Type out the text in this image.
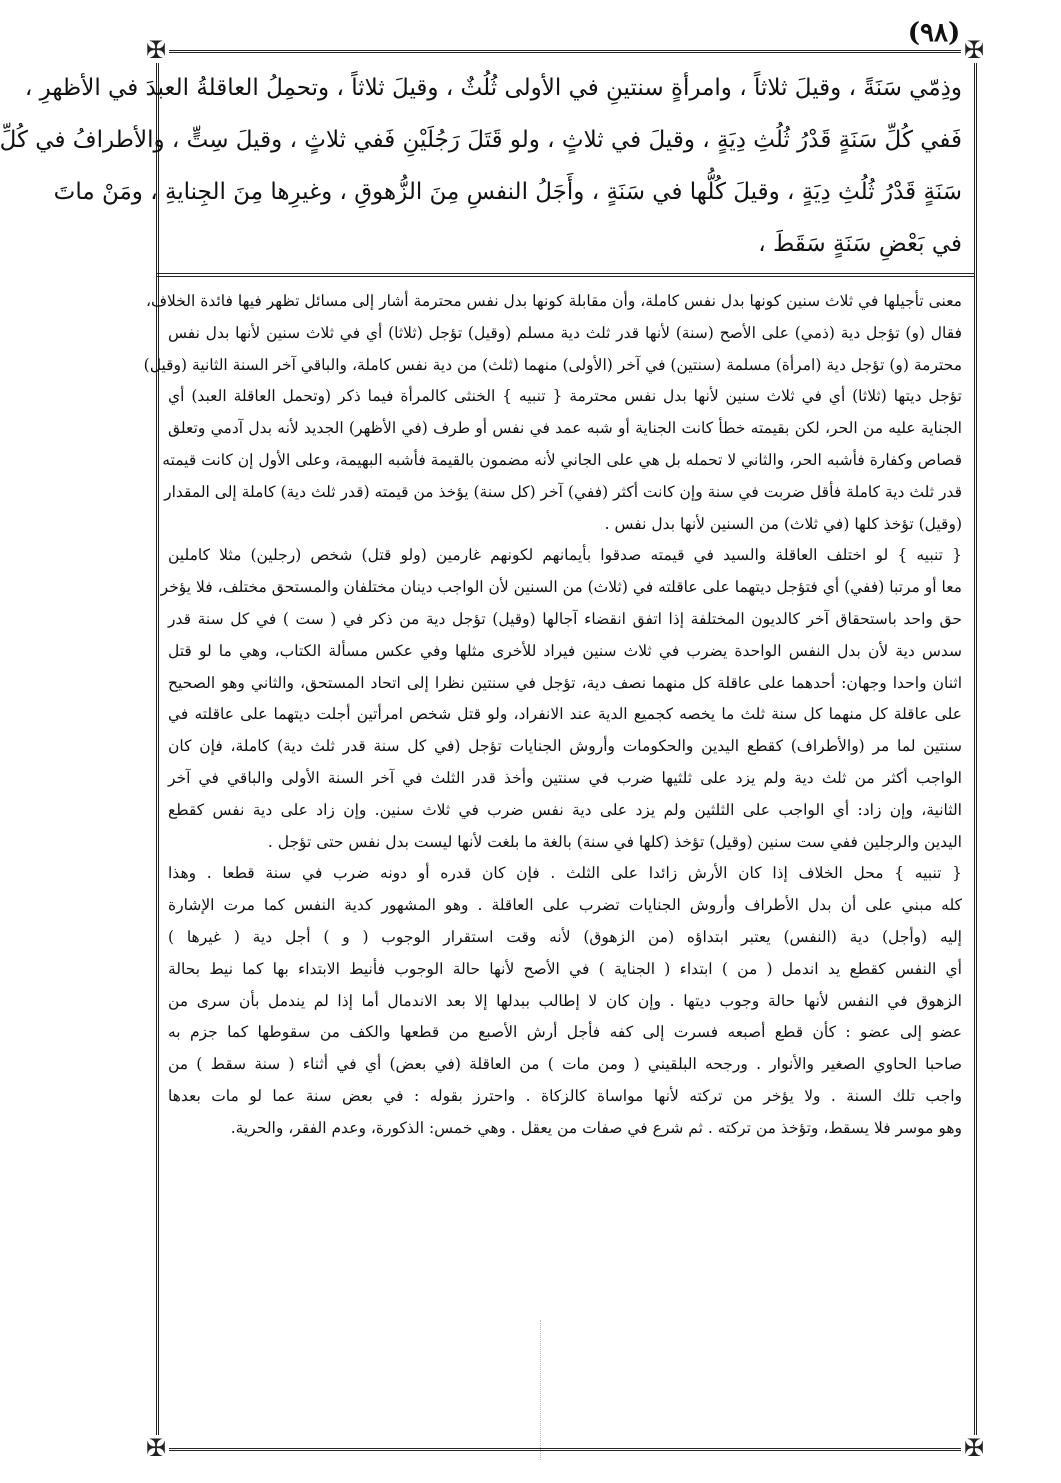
(٩٨)
✠	✠
✠	✠
وذِمّي سَنَةً ، وقيلَ ثلاثاً ، وامرأةٍ سنتينِ في الأولى ثُلُثٌ ، وقيلَ ثلاثاً ، وتحمِلُ العاقلةُ العبدَ في الأظهرِ ،
فَفي كُلِّ سَنَةٍ قَدْرُ ثُلُثِ دِيَةٍ ، وقيلَ في ثلاثٍ ، ولو قَتَلَ رَجُلَيْنِ فَفي ثلاثٍ ، وقيلَ سِتٍّ ، والأطرافُ في كُلِّ
سَنَةٍ قَدْرُ ثُلُثِ دِيَةٍ ، وقيلَ كُلُّها في سَنَةٍ ، وأَجَلُ النفسِ مِنَ الزُّهوقِ ، وغيرِها مِنَ الجِنايةِ ، ومَنْ ماتَ
في بَعْضِ سَنَةٍ سَقَطَ ،
معنى تأجيلها في ثلاث سنين كونها بدل نفس كاملة، وأن مقابلة كونها بدل نفس محترمة أشار إلى مسائل تظهر فيها فائدة الخلاف،
فقال (و) تؤجل دية (ذمي) على الأصح (سنة) لأنها قدر ثلث دية مسلم (وقيل) تؤجل (ثلاثا) أي في ثلاث سنين لأنها بدل نفس
محترمة (و) تؤجل دية (امرأة) مسلمة (سنتين) في آخر (الأولى) منهما (ثلث) من دية نفس كاملة، والباقي آخر السنة الثانية (وقيل)
تؤجل ديتها (ثلاثا) أي في ثلاث سنين لأنها بدل نفس محترمة { تنبيه } الخنثى كالمرأة فيما ذكر (وتحمل العاقلة العبد) أي
الجناية عليه من الحر، لكن بقيمته خطأ كانت الجناية أو شبه عمد في نفس أو طرف (في الأظهر) الجديد لأنه بدل آدمي وتعلق
قصاص وكفارة فأشبه الحر، والثاني لا تحمله بل هي على الجاني لأنه مضمون بالقيمة فأشبه البهيمة، وعلى الأول إن كانت قيمته
قدر ثلث دية كاملة فأقل ضربت في سنة وإن كانت أكثر (ففي) آخر (كل سنة) يؤخذ من قيمته (قدر ثلث دية) كاملة إلى المقدار
(وقيل) تؤخذ كلها (في ثلاث) من السنين لأنها بدل نفس .
{ تنبيه } لو اختلف العاقلة والسيد في قيمته صدقوا بأيمانهم لكونهم غارمين (ولو قتل) شخص (رجلين) مثلا كاملين
معا أو مرتبا (ففي) أي فتؤجل ديتهما على عاقلته في (ثلاث) من السنين لأن الواجب دينان مختلفان والمستحق مختلف، فلا يؤخر
حق واحد باستحقاق آخر كالديون المختلفة إذا اتفق انقضاء آجالها (وقيل) تؤجل دية من ذكر في ( ست ) في كل سنة قدر
سدس دية لأن بدل النفس الواحدة يضرب في ثلاث سنين فيراد للأخرى مثلها وفي عكس مسألة الكتاب، وهي ما لو قتل
اثنان واحدا وجهان: أحدهما على عاقلة كل منهما نصف دية، تؤجل في سنتين نظرا إلى اتحاد المستحق، والثاني وهو الصحيح
على عاقلة كل منهما كل سنة ثلث ما يخصه كجميع الدية عند الانفراد، ولو قتل شخص امرأتين أجلت ديتهما على عاقلته في
سنتين لما مر (والأطراف) كقطع اليدين والحكومات وأروش الجنايات تؤجل (في كل سنة قدر ثلث دية) كاملة، فإن كان
الواجب أكثر من ثلث دية ولم يزد على ثلثيها ضرب في سنتين وأخذ قدر الثلث في آخر السنة الأولى والباقي في آخر
الثانية، وإن زاد: أي الواجب على الثلثين ولم يزد على دية نفس ضرب في ثلاث سنين. وإن زاد على دية نفس كقطع
اليدين والرجلين ففي ست سنين (وقيل) تؤخذ (كلها في سنة) بالغة ما بلغت لأنها ليست بدل نفس حتى تؤجل .
{ تنبيه } محل الخلاف إذا كان الأرش زائدا على الثلث . فإن كان قدره أو دونه ضرب في سنة قطعا . وهذا
كله مبني على أن بدل الأطراف وأروش الجنايات تضرب على العاقلة . وهو المشهور كدية النفس كما مرت الإشارة
إليه (وأجل) دية (النفس) يعتبر ابتداؤه (من الزهوق) لأنه وقت استقرار الوجوب ( و ) أجل دية ( غيرها )
أي النفس كقطع يد اندمل ( من ) ابتداء ( الجناية ) في الأصح لأنها حالة الوجوب فأنيط الابتداء بها كما نيط بحالة
الزهوق في النفس لأنها حالة وجوب ديتها . وإن كان لا إطالب ببدلها إلا بعد الاندمال أما إذا لم يندمل بأن سرى من
عضو إلى عضو : كأن قطع أصبعه فسرت إلى كفه فأجل أرش الأصبع من قطعها والكف من سقوطها كما جزم به
صاحبا الحاوي الصغير والأنوار . ورجحه البلقيني ( ومن مات ) من العاقلة (في بعض) أي في أثناء ( سنة سقط ) من
واجب تلك السنة . ولا يؤخر من تركته لأنها مواساة كالزكاة . واحترز بقوله : في بعض سنة عما لو مات بعدها
وهو موسر فلا يسقط، وتؤخذ من تركته . ثم شرع في صفات من يعقل . وهي خمس: الذكورة، وعدم الفقر، والحرية.
